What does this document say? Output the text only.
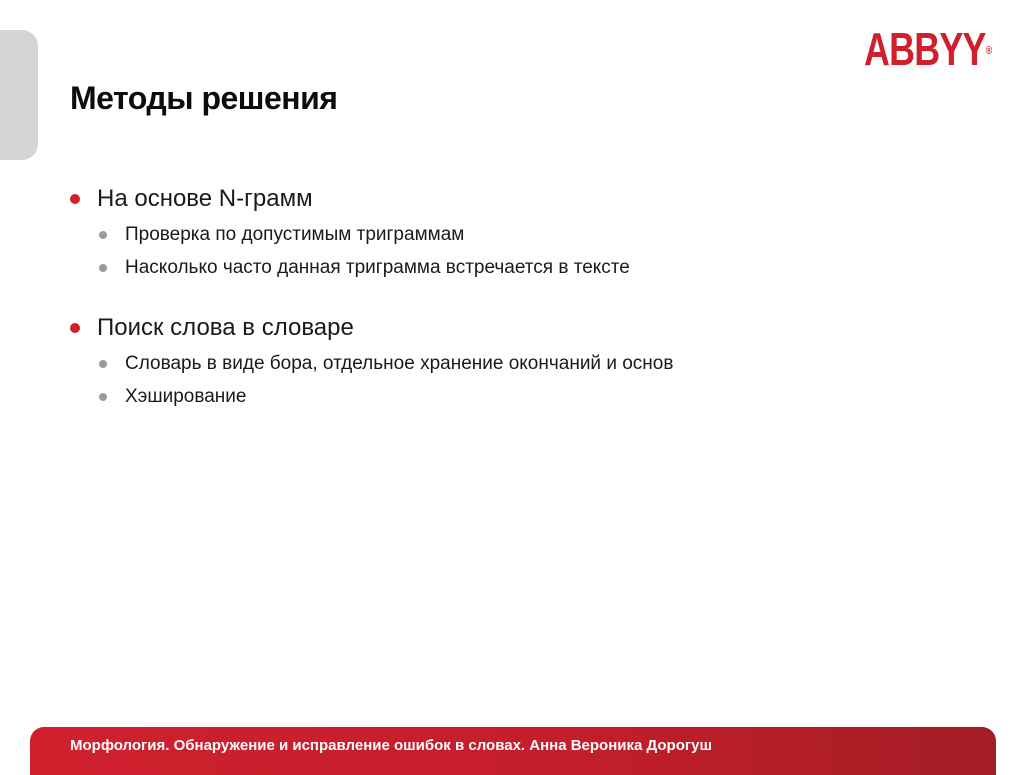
ABBYY®
Методы решения
На основе N-грамм
Проверка по допустимым триграммам
Насколько часто данная триграмма встречается в тексте
Поиск слова в словаре
Словарь в виде бора, отдельное хранение окончаний и основ
Хэширование
Морфология. Обнаружение и исправление ошибок в словах. Анна Вероника Дорогуш
